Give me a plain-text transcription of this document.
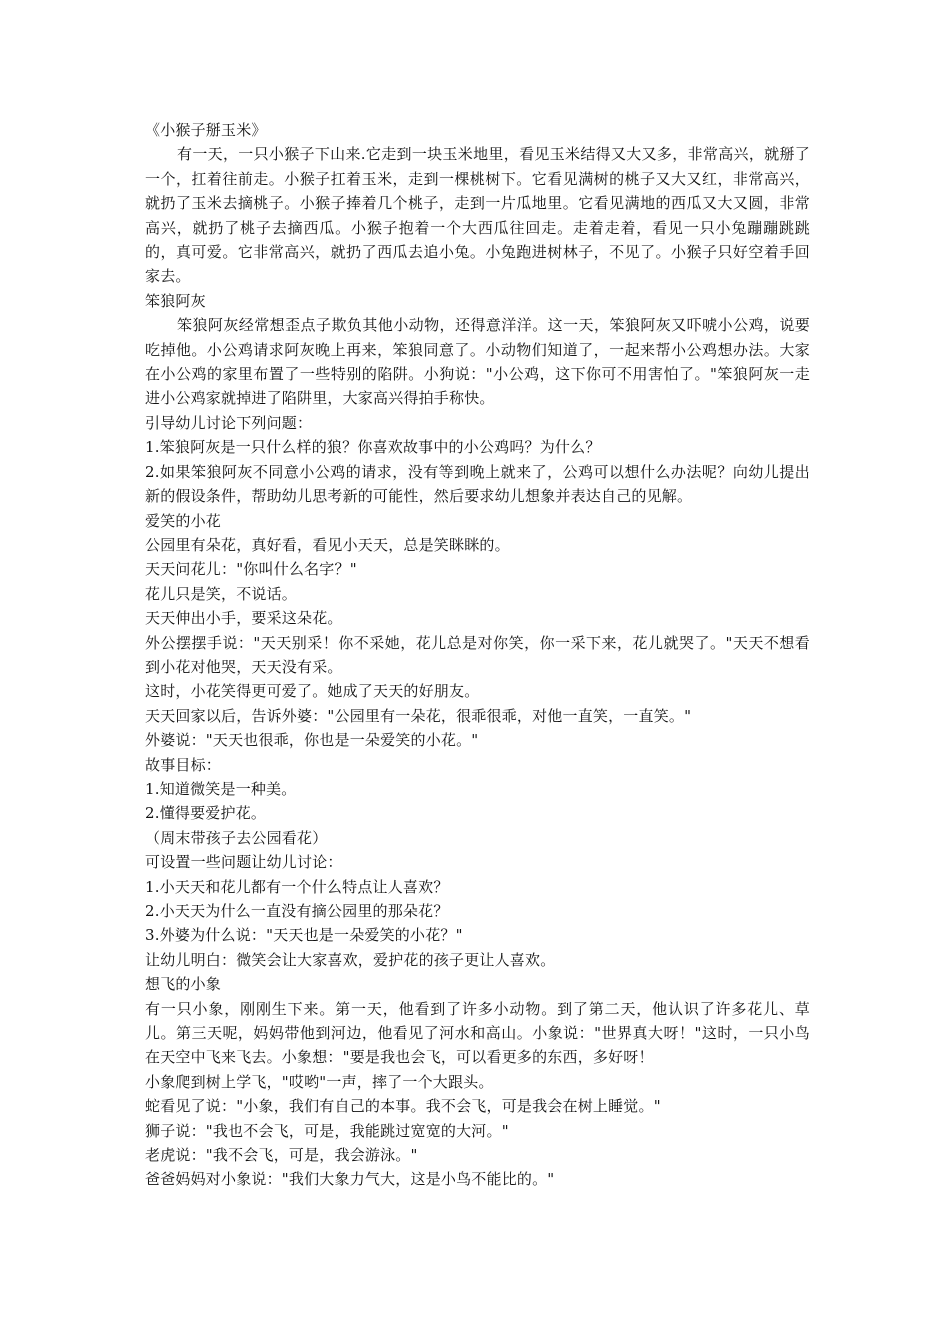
《小猴子掰玉米》
有一天，一只小猴子下山来.它走到一块玉米地里，看见玉米结得又大又多，非常高兴，就掰了一个，扛着往前走。小猴子扛着玉米，走到一棵桃树下。它看见满树的桃子又大又红，非常高兴，就扔了玉米去摘桃子。小猴子捧着几个桃子，走到一片瓜地里。它看见满地的西瓜又大又圆，非常高兴，就扔了桃子去摘西瓜。小猴子抱着一个大西瓜往回走。走着走着，看见一只小兔蹦蹦跳跳的，真可爱。它非常高兴，就扔了西瓜去追小兔。小兔跑进树林子，不见了。小猴子只好空着手回家去。
笨狼阿灰
笨狼阿灰经常想歪点子欺负其他小动物，还得意洋洋。这一天，笨狼阿灰又吓唬小公鸡，说要吃掉他。小公鸡请求阿灰晚上再来，笨狼同意了。小动物们知道了，一起来帮小公鸡想办法。大家在小公鸡的家里布置了一些特别的陷阱。小狗说："小公鸡，这下你可不用害怕了。"笨狼阿灰一走进小公鸡家就掉进了陷阱里，大家高兴得拍手称快。
引导幼儿讨论下列问题：
1.笨狼阿灰是一只什么样的狼？你喜欢故事中的小公鸡吗？为什么？
2.如果笨狼阿灰不同意小公鸡的请求，没有等到晚上就来了，公鸡可以想什么办法呢？向幼儿提出新的假设条件，帮助幼儿思考新的可能性，然后要求幼儿想象并表达自己的见解。
爱笑的小花
公园里有朵花，真好看，看见小天天，总是笑眯眯的。
天天问花儿："你叫什么名字？"
花儿只是笑，不说话。
天天伸出小手，要采这朵花。
外公摆摆手说："天天别采！你不采她，花儿总是对你笑，你一采下来，花儿就哭了。"天天不想看到小花对他哭，天天没有采。
这时，小花笑得更可爱了。她成了天天的好朋友。
天天回家以后，告诉外婆："公园里有一朵花，很乖很乖，对他一直笑，一直笑。"
外婆说："天天也很乖，你也是一朵爱笑的小花。"
故事目标：
1.知道微笑是一种美。
2.懂得要爱护花。
（周末带孩子去公园看花）
可设置一些问题让幼儿讨论：
1.小天天和花儿都有一个什么特点让人喜欢？
2.小天天为什么一直没有摘公园里的那朵花？
3.外婆为什么说："天天也是一朵爱笑的小花？"
让幼儿明白：微笑会让大家喜欢，爱护花的孩子更让人喜欢。
想飞的小象
有一只小象，刚刚生下来。第一天，他看到了许多小动物。到了第二天，他认识了许多花儿、草儿。第三天呢，妈妈带他到河边，他看见了河水和高山。小象说："世界真大呀！"这时，一只小鸟在天空中飞来飞去。小象想："要是我也会飞，可以看更多的东西，多好呀！
小象爬到树上学飞，"哎哟"一声，摔了一个大跟头。
蛇看见了说："小象，我们有自己的本事。我不会飞，可是我会在树上睡觉。"
狮子说："我也不会飞，可是，我能跳过宽宽的大河。"
老虎说："我不会飞，可是，我会游泳。"
爸爸妈妈对小象说："我们大象力气大，这是小鸟不能比的。"
